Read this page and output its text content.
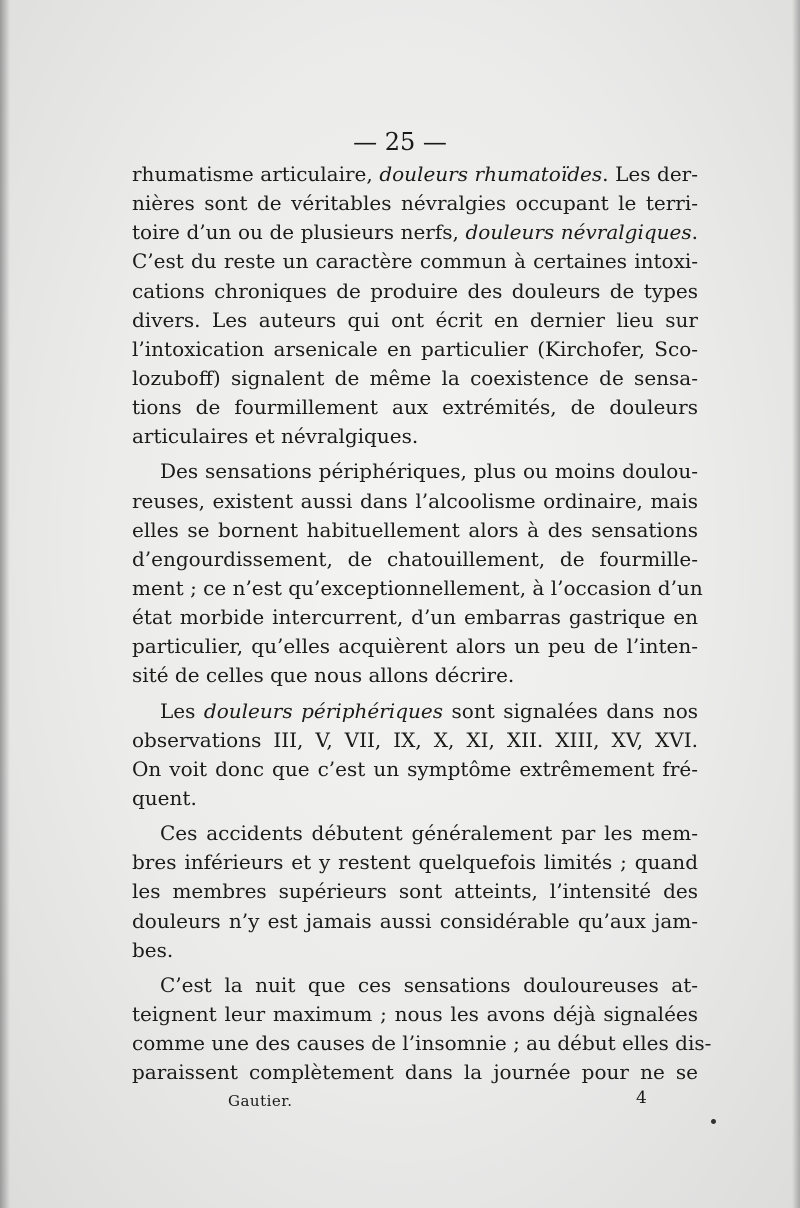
— 25 —
rhumatisme articulaire, douleurs rhumatoïdes. Les der-
nières sont de véritables névralgies occupant le terri-
toire d’un ou de plusieurs nerfs, douleurs névralgiques.
C’est du reste un caractère commun à certaines intoxi-
cations chroniques de produire des douleurs de types
divers. Les auteurs qui ont écrit en dernier lieu sur
l’intoxication arsenicale en particulier (Kirchofer, Sco-
lozuboff) signalent de même la coexistence de sensa-
tions de fourmillement aux extrémités, de douleurs
articulaires et névralgiques.
Des sensations périphériques, plus ou moins doulou-
reuses, existent aussi dans l’alcoolisme ordinaire, mais
elles se bornent habituellement alors à des sensations
d’engourdissement, de chatouillement, de fourmille-
ment ; ce n’est qu’exceptionnellement, à l’occasion d’un
état morbide intercurrent, d’un embarras gastrique en
particulier, qu’elles acquièrent alors un peu de l’inten-
sité de celles que nous allons décrire.
Les douleurs périphériques sont signalées dans nos
observations III, V, VII, IX, X, XI, XII. XIII, XV, XVI.
On voit donc que c’est un symptôme extrêmement fré-
quent.
Ces accidents débutent généralement par les mem-
bres inférieurs et y restent quelquefois limités ; quand
les membres supérieurs sont atteints, l’intensité des
douleurs n’y est jamais aussi considérable qu’aux jam-
bes.
C’est la nuit que ces sensations douloureuses at-
teignent leur maximum ; nous les avons déjà signalées
comme une des causes de l’insomnie ; au début elles dis-
paraissent complètement dans la journée pour ne se
Gautier.	4
